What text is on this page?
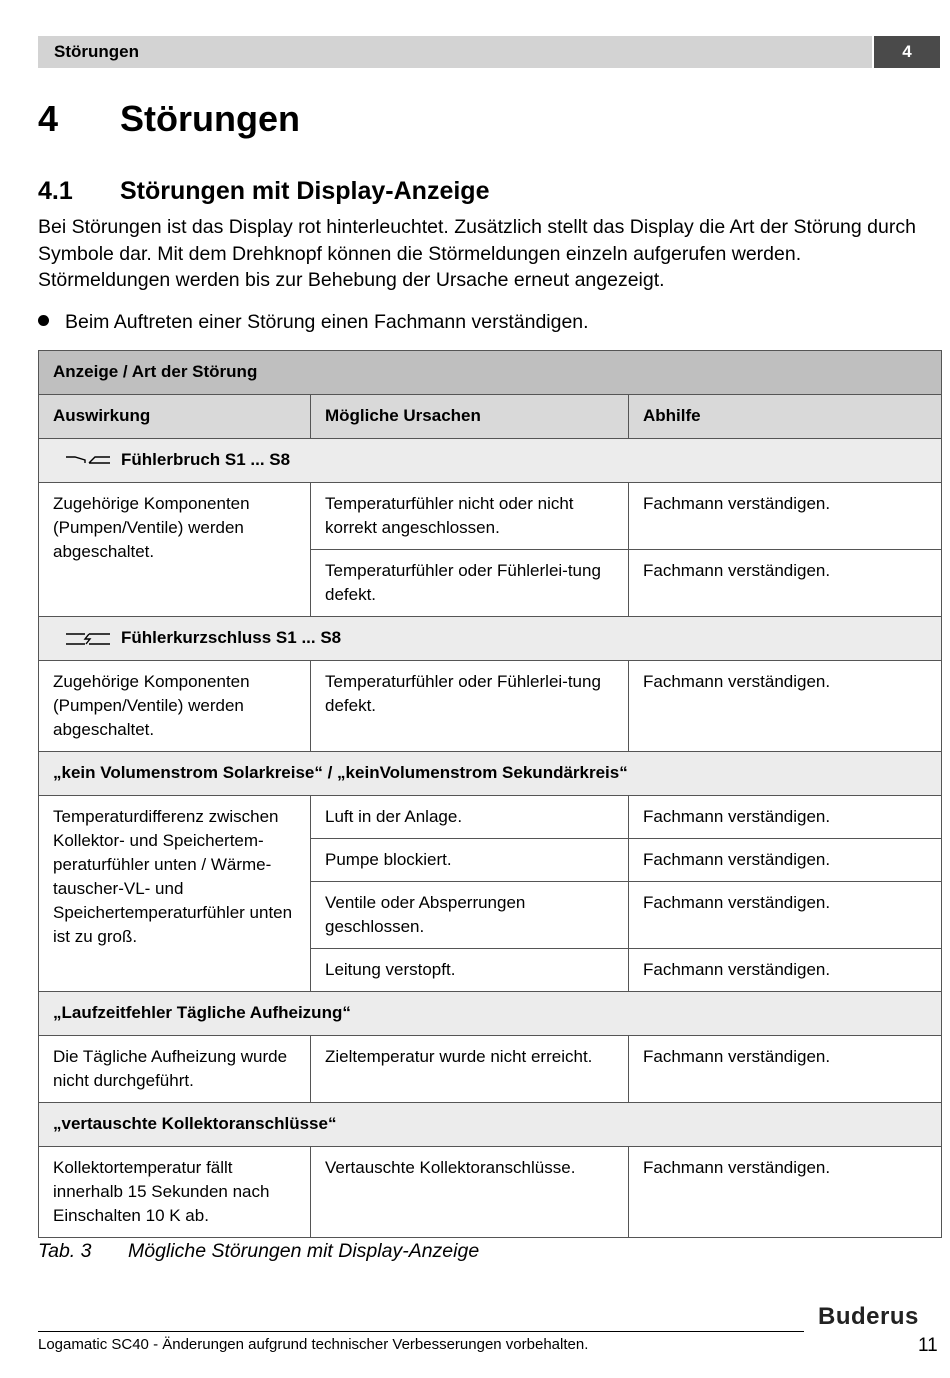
Störungen	4
4 Störungen
4.1 Störungen mit Display-Anzeige
Bei Störungen ist das Display rot hinterleuchtet. Zusätzlich stellt das Display die Art der Störung durch Symbole dar. Mit dem Drehknopf können die Störmeldungen einzeln aufgerufen werden. Störmeldungen werden bis zur Behebung der Ursache erneut angezeigt.
Beim Auftreten einer Störung einen Fachmann verständigen.
Anzeige / Art der Störung		
Auswirkung	Mögliche Ursachen	Abhilfe
Fühlerbruch S1 ... S8		
Zugehörige Komponenten (Pumpen/Ventile) werden abgeschaltet.	Temperaturfühler nicht oder nicht korrekt angeschlossen.	Fachmann verständigen.
	Temperaturfühler oder Fühlerlei-tung defekt.	Fachmann verständigen.
Fühlerkurzschluss S1 ... S8		
Zugehörige Komponenten (Pumpen/Ventile) werden abgeschaltet.	Temperaturfühler oder Fühlerlei-tung defekt.	Fachmann verständigen.
„kein Volumenstrom Solarkreise“ / „keinVolumenstrom Sekundärkreis“		
Temperaturdifferenz zwischen Kollektor- und Speichertem-peraturfühler unten / Wärme-tauscher-VL- und Speichertemperaturfühler unten ist zu groß.	Luft in der Anlage.	Fachmann verständigen.
	Pumpe blockiert.	Fachmann verständigen.
	Ventile oder Absperrungen geschlossen.	Fachmann verständigen.
	Leitung verstopft.	Fachmann verständigen.
„Laufzeitfehler Tägliche Aufheizung“		
Die Tägliche Aufheizung wurde nicht durchgeführt.	Zieltemperatur wurde nicht erreicht.	Fachmann verständigen.
„vertauschte Kollektoranschlüsse“		
Kollektortemperatur fällt innerhalb 15 Sekunden nach Einschalten 10 K ab.	Vertauschte Kollektoranschlüsse.	Fachmann verständigen.
Tab. 3 Mögliche Störungen mit Display-Anzeige
Buderus
Logamatic SC40 - Änderungen aufgrund technischer Verbesserungen vorbehalten.	11
